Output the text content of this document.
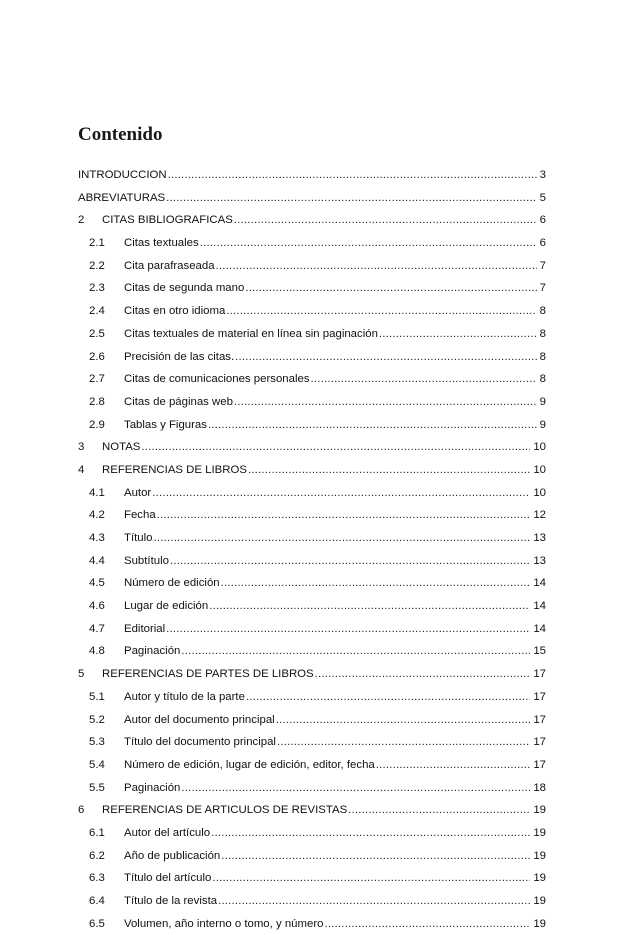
Contenido
INTRODUCCION .....	3
ABREVIATURAS .....	5
2	CITAS BIBLIOGRAFICAS .....	6
2.1	Citas textuales .....	6
2.2	Cita parafraseada .....	7
2.3	Citas de segunda mano .....	7
2.4	Citas en otro idioma .....	8
2.5	Citas textuales de material en línea sin paginación .....	8
2.6	Precisión de las citas. .....	8
2.7	Citas de comunicaciones personales .....	8
2.8	Citas de páginas web .....	9
2.9	Tablas y Figuras .....	9
3	NOTAS .....	10
4	REFERENCIAS DE LIBROS .....	10
4.1	Autor .....	10
4.2	Fecha .....	12
4.3	Título .....	13
4.4	Subtítulo .....	13
4.5	Número de edición .....	14
4.6	Lugar de edición .....	14
4.7	Editorial .....	14
4.8	Paginación .....	15
5	REFERENCIAS DE PARTES DE LIBROS .....	17
5.1	Autor y título de la parte .....	17
5.2	Autor del documento principal .....	17
5.3	Título del documento principal .....	17
5.4	Número de edición, lugar de edición, editor, fecha .....	17
5.5	Paginación .....	18
6	REFERENCIAS DE ARTICULOS DE REVISTAS .....	19
6.1	Autor del artículo .....	19
6.2	Año de publicación .....	19
6.3	Título del artículo .....	19
6.4	Título de la revista .....	19
6.5	Volumen, año interno o tomo, y número .....	19
